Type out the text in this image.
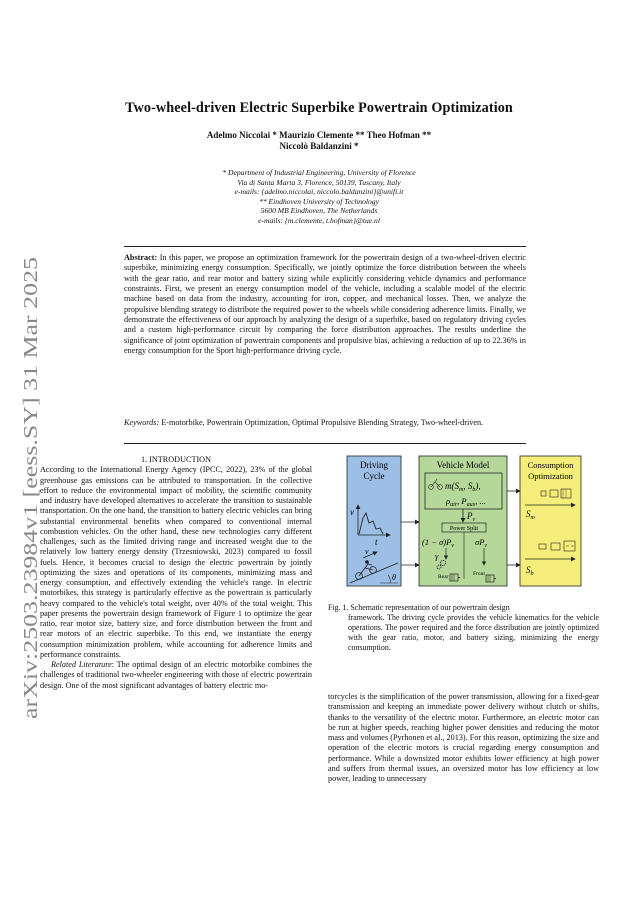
arXiv:2503.23984v1 [eess.SY] 31 Mar 2025
Two-wheel-driven Electric Superbike Powertrain Optimization
Adelmo Niccolai * Maurizio Clemente ** Theo Hofman **
Niccolò Baldanzini *
* Department of Industrial Engineering, University of Florence
Via di Santa Marta 3, Florence, 50139, Tuscany, Italy
e-mails: {adelmo.niccolai, niccolo.baldanzini}@unifi.it
** Eindhoven University of Technology
5600 MB Eindhoven, The Netherlands
e-mails: {m.clemente, t.hofman}@tue.nl
Abstract: In this paper, we propose an optimization framework for the powertrain design of a two-wheel-driven electric superbike, minimizing energy consumption. Specifically, we jointly optimize the force distribution between the wheels with the gear ratio, and rear motor and battery sizing while explicitly considering vehicle dynamics and performance constraints. First, we present an energy consumption model of the vehicle, including a scalable model of the electric machine based on data from the industry, accounting for iron, copper, and mechanical losses. Then, we analyze the propulsive blending strategy to distribute the required power to the wheels while considering adherence limits. Finally, we demonstrate the effectiveness of our approach by analyzing the design of a superbike, based on regulatory driving cycles and a custom high-performance circuit by comparing the force distribution approaches. The results underline the significance of joint optimization of powertrain components and propulsive bias, achieving a reduction of up to 22.36% in energy consumption for the Sport high-performance driving cycle.
Keywords: E-motorbike, Powertrain Optimization, Optimal Propulsive Blending Strategy, Two-wheel-driven.
1. INTRODUCTION
According to the International Energy Agency (IPCC, 2022), 23% of the global greenhouse gas emissions can be attributed to transportation. In the collective effort to reduce the environmental impact of mobility, the scientific community and industry have developed alternatives to accelerate the transition to sustainable transportation. On the one hand, the transition to battery electric vehicles can bring substantial environmental benefits when compared to conventional internal combustion vehicles. On the other hand, these new technologies carry different challenges, such as the limited driving range and increased weight due to the relatively low battery energy density (Trzesniowski, 2023) compared to fossil fuels. Hence, it becomes crucial to design the electric powertrain by jointly optimizing the sizes and operations of its components, minimizing mass and energy consumption, and effectively extending the vehicle's range. In electric motorbikes, this strategy is particularly effective as the powertrain is particularly heavy compared to the vehicle's total weight, over 40% of the total weight. This paper presents the powertrain design framework of Figure 1 to optimize the gear ratio, rear motor size, battery size, and force distribution between the front and rear motors of an electric superbike. To this end, we instantiate the energy consumption minimization problem, while accounting for adherence limits and performance constraints.
Related Literature: The optimal design of an electric motorbike combines the challenges of traditional two-wheeler engineering with those of electric powertrain design. One of the most significant advantages of battery electric mo-
Driving
Cycle
v
t
v
θ
Vehicle Model
$m(S_m$, $S_b$),
$\rho_{air}$, $P_{aux}$, ...
$P_v$
Power Split
$(1 - \sigma)P_v$ $\sigma P_v$
γ
Rear	Front
Consumption
Optimization
$S_m$
$S_b$
Fig. 1. Schematic representation of our powertrain design
framework. The driving cycle provides the vehicle kinematics for the vehicle operations. The power required and the force distribution are jointly optimized with the gear ratio, motor, and battery sizing, minimizing the energy consumption.
torcycles is the simplification of the power transmission, allowing for a fixed-gear transmission and keeping an immediate power delivery without clutch or shifts, thanks to the versatility of the electric motor. Furthermore, an electric motor can be run at higher speeds, reaching higher power densities and reducing the motor mass and volumes (Pyrhonen et al., 2013). For this reason, optimizing the size and operation of the electric motors is crucial regarding energy consumption and performance. While a downsized motor exhibits lower efficiency at high power and suffers from thermal issues, an oversized motor has low efficiency at low power, leading to unnecessary
